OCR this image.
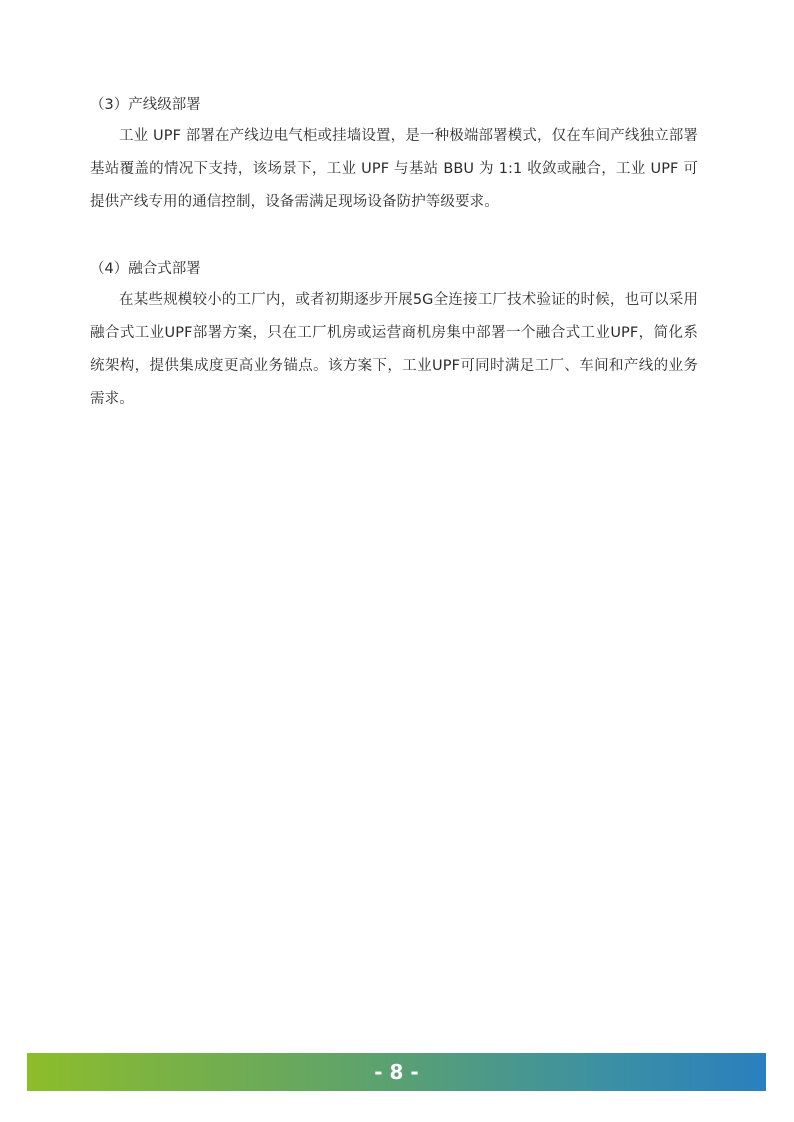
（3）产线级部署

工业 UPF 部署在产线边电气柜或挂墙设置，是一种极端部署模式，仅在车间产线独立部署基站覆盖的情况下支持，该场景下，工业 UPF 与基站 BBU 为 1:1 收敛或融合，工业 UPF 可提供产线专用的通信控制，设备需满足现场设备防护等级要求。

（4）融合式部署

在某些规模较小的工厂内，或者初期逐步开展5G全连接工厂技术验证的时候，也可以采用融合式工业UPF部署方案，只在工厂机房或运营商机房集中部署一个融合式工业UPF，简化系统架构，提供集成度更高业务锚点。该方案下，工业UPF可同时满足工厂、车间和产线的业务需求。

- 8 -
